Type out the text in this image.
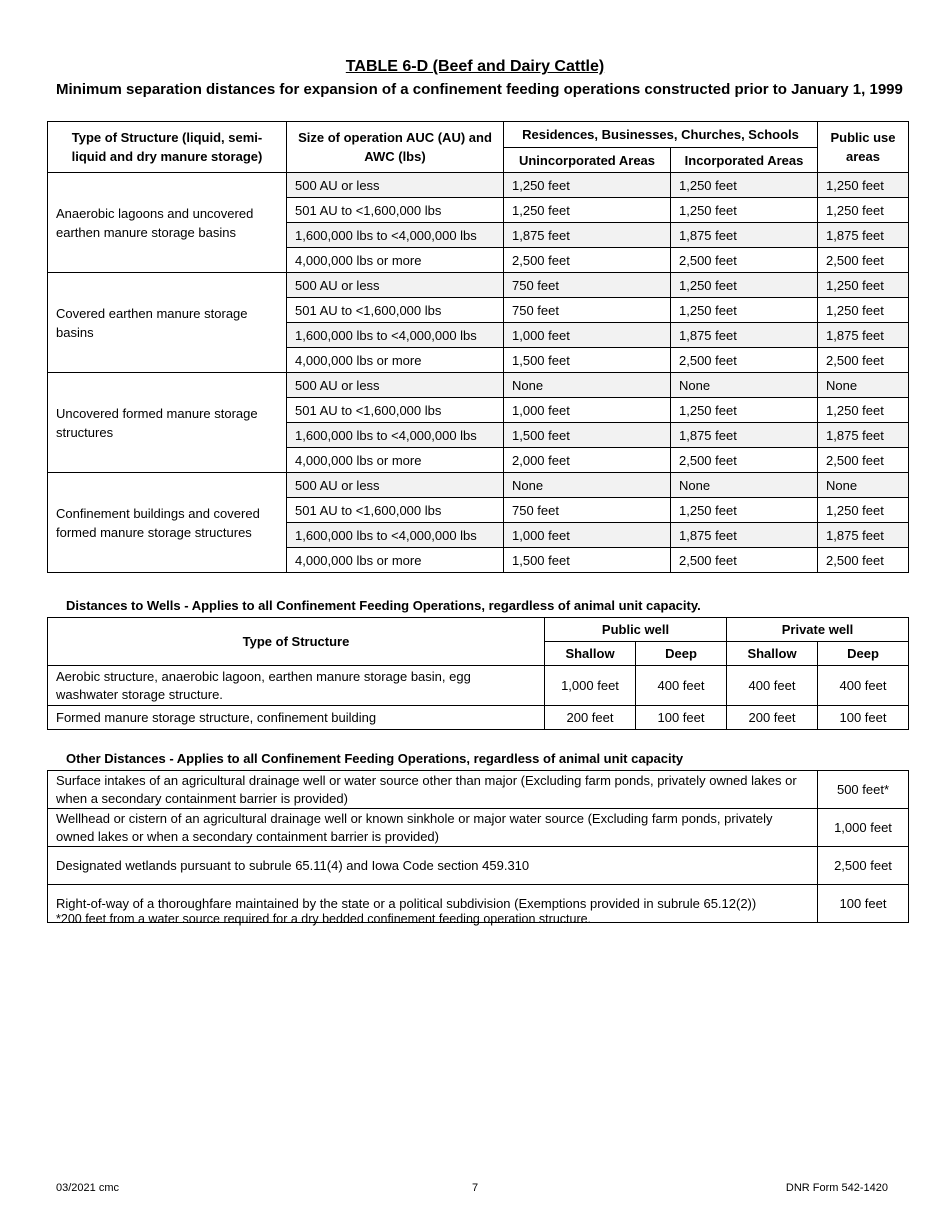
TABLE 6-D (Beef and Dairy Cattle)
Minimum separation distances for expansion of a confinement feeding operations constructed prior to January 1, 1999
Type of Structure (liquid, semi-liquid and dry manure storage)	Size of operation AUC (AU) and AWC (lbs)	Residences, Businesses, Churches, Schools		Public use areas
		Unincorporated Areas	Incorporated Areas	
Anaerobic lagoons and uncovered earthen manure storage basins	500 AU or less	1,250 feet	1,250 feet	1,250 feet
	501 AU to <1,600,000 lbs	1,250 feet	1,250 feet	1,250 feet
	1,600,000 lbs to <4,000,000 lbs	1,875 feet	1,875 feet	1,875 feet
	4,000,000 lbs or more	2,500 feet	2,500 feet	2,500 feet
Covered earthen manure storage basins	500 AU or less	750 feet	1,250 feet	1,250 feet
	501 AU to <1,600,000 lbs	750 feet	1,250 feet	1,250 feet
	1,600,000 lbs to <4,000,000 lbs	1,000 feet	1,875 feet	1,875 feet
	4,000,000 lbs or more	1,500 feet	2,500 feet	2,500 feet
Uncovered formed manure storage structures	500 AU or less	None	None	None
	501 AU to <1,600,000 lbs	1,000 feet	1,250 feet	1,250 feet
	1,600,000 lbs to <4,000,000 lbs	1,500 feet	1,875 feet	1,875 feet
	4,000,000 lbs or more	2,000 feet	2,500 feet	2,500 feet
Confinement buildings and covered formed manure storage structures	500 AU or less	None	None	None
	501 AU to <1,600,000 lbs	750 feet	1,250 feet	1,250 feet
	1,600,000 lbs to <4,000,000 lbs	1,000 feet	1,875 feet	1,875 feet
	4,000,000 lbs or more	1,500 feet	2,500 feet	2,500 feet
Distances to Wells - Applies to all Confinement Feeding Operations, regardless of animal unit capacity.
Type of Structure	Public well		Private well	
	Shallow	Deep	Shallow	Deep
Aerobic structure, anaerobic lagoon, earthen manure storage basin, egg washwater storage structure.	1,000 feet	400 feet	400 feet	400 feet
Formed manure storage structure, confinement building	200 feet	100 feet	200 feet	100 feet
Other Distances - Applies to all Confinement Feeding Operations, regardless of animal unit capacity
Surface intakes of an agricultural drainage well or water source other than major (Excluding farm ponds, privately owned lakes or when a secondary containment barrier is provided)	500 feet*
Wellhead or cistern of an agricultural drainage well or known sinkhole or major water source (Excluding farm ponds, privately owned lakes or when a secondary containment barrier is provided)	1,000 feet
Designated wetlands pursuant to subrule 65.11(4) and Iowa Code section 459.310	2,500 feet
Right-of-way of a thoroughfare maintained by the state or a political subdivision (Exemptions provided in subrule 65.12(2))	100 feet
*200 feet from a water source required for a dry bedded confinement feeding operation structure.
03/2021 cmc	7	DNR Form 542-1420
